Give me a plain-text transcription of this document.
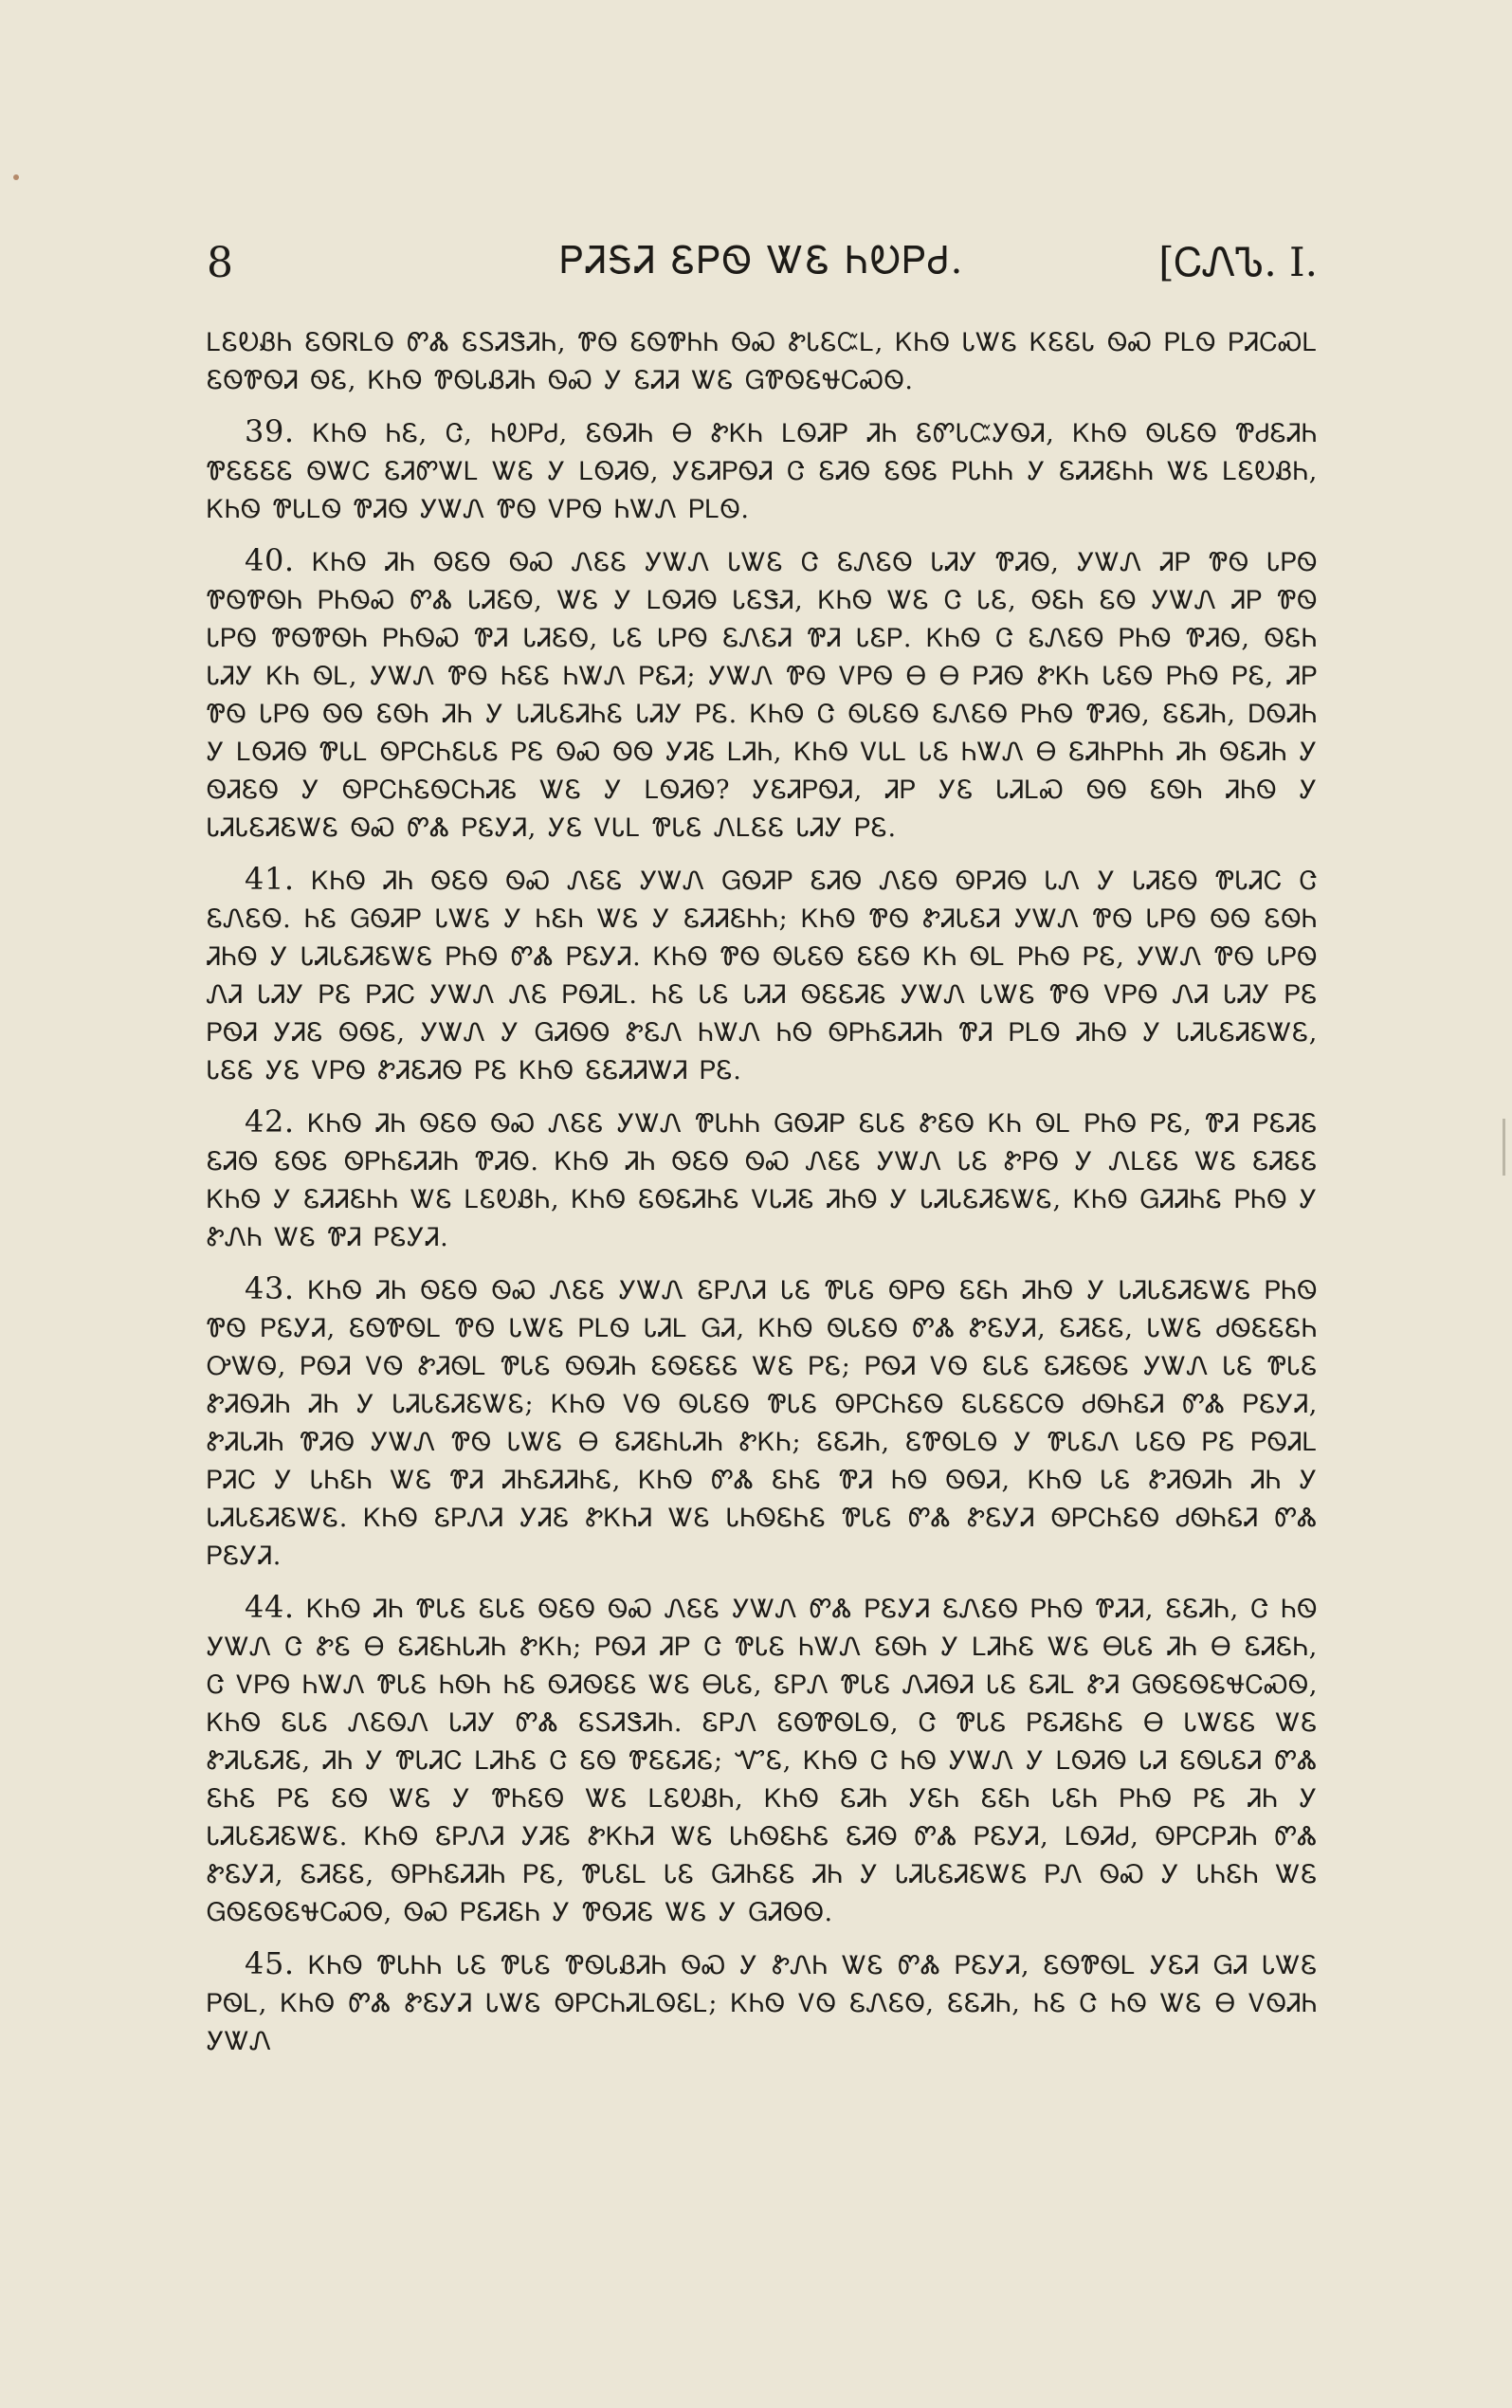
8	ᏢᏘᎦᏘ ᏋᏢᏫ ᏔᏋ ᏂᎧᏢᏧ.	[ᏟᏁᏖ. I.

ᏞᏋᎧᏰᏂ ᏋᏫᏒᏞᏫ ᏛᏜ ᏋᏚᏘᏕᏘᏂ, ᏈᏫ ᏋᏫᏈᏂᏂ ᏫᏍ ᏑᏓᏋᏨᏞ, ᏦᏂᏫ ᏓᏔᏋ ᏦᏋᏋᏓ ᏫᏍ ᏢᏞᏫ ᏢᏘᏟᏍᏞ ᏋᏫᏈᏫᏘ ᏫᏋ, ᏦᏂᏫ ᏈᏫᏓᏰᏘᏂ ᏫᏍ Ꭹ ᏋᏘᏘ ᏔᏋ ᏀᏈᏫᏋᏠᏟᏍᏫ.

39. ᏦᏂᏫ ᏂᏋ, Ꮳ, ᏂᎧᏢᏧ, ᏋᏫᏘᏂ Ꮎ ᏑᏦᏂ ᏞᏫᏘᏢ ᏘᏂ ᏋᏛᏓᏨᎩᏫᏘ, ᏦᏂᏫ ᏫᏓᏋᏫ ᏈᏧᏋᏘᏂ ᏈᏋᏋᏋᏋ ᏫᏔᏟ ᏋᏘᏛᏔᏞ ᏔᏋ Ꭹ ᏞᏫᏘᏫ, ᎩᏋᏘᏢᏫᏘ Ꮳ ᏋᏘᏫ ᏋᏫᏋ ᏢᏓᏂᏂ Ꭹ ᏋᏘᏘᏋᏂᏂ ᏔᏋ ᏞᏋᎧᏰᏂ, ᏦᏂᏫ ᏈᏓᏞᏫ ᏈᏘᏫ ᎩᏔᏁ ᏈᏫ ᏙᏢᏫ ᏂᏔᏁ ᏢᏞᏫ.

40. ᏦᏂᏫ ᏘᏂ ᏫᏋᏫ ᏫᏍ ᏁᏋᏋ ᎩᏔᏁ ᏓᏔᏋ Ꮳ ᏋᏁᏋᏫ ᏓᏘᎩ ᏈᏘᏫ, ᎩᏔᏁ ᏘᏢ ᏈᏫ ᏓᏢᏫ ᏈᏫᏈᏫᏂ ᏢᏂᏫᏍ ᏛᏜ ᏓᏘᏋᏫ, ᏔᏋ Ꭹ ᏞᏫᏘᏫ ᏓᏋᏕᏘ, ᏦᏂᏫ ᏔᏋ Ꮳ ᏓᏋ, ᏫᏋᏂ ᏋᏫ ᎩᏔᏁ ᏘᏢ ᏈᏫ ᏓᏢᏫ ᏈᏫᏈᏫᏂ ᏢᏂᏫᏍ ᏈᏘ ᏓᏘᏋᏫ, ᏓᏋ ᏓᏢᏫ ᏋᏁᏋᏘ ᏈᏘ ᏓᏋᏢ. ᏦᏂᏫ Ꮳ ᏋᏁᏋᏫ ᏢᏂᏫ ᏈᏘᏫ, ᏫᏋᏂ ᏓᏘᎩ ᏦᏂ ᏫᏞ, ᎩᏔᏁ ᏈᏫ ᏂᏋᏋ ᏂᏔᏁ ᏢᏋᏘ; ᎩᏔᏁ ᏈᏫ ᏙᏢᏫ Ꮎ Ꮎ ᏢᏘᏫ ᏑᏦᏂ ᏓᏋᏫ ᏢᏂᏫ ᏢᏋ, ᏘᏢ ᏈᏫ ᏓᏢᏫ ᏫᏫ ᏋᏫᏂ ᏘᏂ Ꭹ ᏓᏘᏓᏋᏘᏂᏋ ᏓᏘᎩ ᏢᏋ. ᏦᏂᏫ Ꮳ ᏫᏓᏋᏫ ᏋᏁᏋᏫ ᏢᏂᏫ ᏈᏘᏫ, ᏋᏋᏘᏂ, ᎠᏫᏘᏂ Ꭹ ᏞᏫᏘᏫ ᏈᏓᏞ ᏫᏢᏟᏂᏋᏓᏋ ᏢᏋ ᏫᏍ ᏫᏫ ᎩᏘᏋ ᏞᏘᏂ, ᏦᏂᏫ ᏙᏓᏞ ᏓᏋ ᏂᏔᏁ Ꮎ ᏋᏘᏂᏢᏂᏂ ᏘᏂ ᏫᏋᏘᏂ Ꭹ ᏫᏘᏋᏫ Ꭹ ᏫᏢᏟᏂᏋᏫᏟᏂᏘᏋ ᏔᏋ Ꭹ ᏞᏫᏘᏫ? ᎩᏋᏘᏢᏫᏘ, ᏘᏢ ᎩᏋ ᏓᏘᏞᏍ ᏫᏫ ᏋᏫᏂ ᏘᏂᏫ Ꭹ ᏓᏘᏓᏋᏘᏋᏔᏋ ᏫᏍ ᏛᏜ ᏢᏋᎩᏘ, ᎩᏋ ᏙᏓᏞ ᏈᏓᏋ ᏁᏞᏋᏋ ᏓᏘᎩ ᏢᏋ.

41. ᏦᏂᏫ ᏘᏂ ᏫᏋᏫ ᏫᏍ ᏁᏋᏋ ᎩᏔᏁ ᏀᏫᏘᏢ ᏋᏘᏫ ᏁᏋᏫ ᏫᏢᏘᏫ ᏓᏁ Ꭹ ᏓᏘᏋᏫ ᏈᏓᏘᏟ Ꮳ ᏋᏁᏋᏫ. ᏂᏋ ᏀᏫᏘᏢ ᏓᏔᏋ Ꭹ ᏂᏋᏂ ᏔᏋ Ꭹ ᏋᏘᏘᏋᏂᏂ; ᏦᏂᏫ ᏈᏫ ᏑᏘᏓᏋᏘ ᎩᏔᏁ ᏈᏫ ᏓᏢᏫ ᏫᏫ ᏋᏫᏂ ᏘᏂᏫ Ꭹ ᏓᏘᏓᏋᏘᏋᏔᏋ ᏢᏂᏫ ᏛᏜ ᏢᏋᎩᏘ. ᏦᏂᏫ ᏈᏫ ᏫᏓᏋᏫ ᏋᏋᏫ ᏦᏂ ᏫᏞ ᏢᏂᏫ ᏢᏋ, ᎩᏔᏁ ᏈᏫ ᏓᏢᏫ ᏁᏘ ᏓᏘᎩ ᏢᏋ ᏢᏘᏟ ᎩᏔᏁ ᏁᏋ ᏢᏫᏘᏞ. ᏂᏋ ᏓᏋ ᏓᏘᏘ ᏫᏋᏋᏘᏋ ᎩᏔᏁ ᏓᏔᏋ ᏈᏫ ᏙᏢᏫ ᏁᏘ ᏓᏘᎩ ᏢᏋ ᏢᏫᏘ ᎩᏘᏋ ᏫᏫᏋ, ᎩᏔᏁ Ꭹ ᏀᏘᏫᏫ ᏑᏋᏁ ᏂᏔᏁ ᏂᏫ ᏫᏢᏂᏋᏘᏘᏂ ᏈᏘ ᏢᏞᏫ ᏘᏂᏫ Ꭹ ᏓᏘᏓᏋᏘᏋᏔᏋ, ᏓᏋᏋ ᎩᏋ ᏙᏢᏫ ᏑᏘᏋᏘᏫ ᏢᏋ ᏦᏂᏫ ᏋᏋᏘᏘᏔᏘ ᏢᏋ.

42. ᏦᏂᏫ ᏘᏂ ᏫᏋᏫ ᏫᏍ ᏁᏋᏋ ᎩᏔᏁ ᏈᏓᏂᏂ ᏀᏫᏘᏢ ᏋᏓᏋ ᏑᏋᏫ ᏦᏂ ᏫᏞ ᏢᏂᏫ ᏢᏋ, ᏈᏘ ᏢᏋᏘᏋ ᏋᏘᏫ ᏋᏫᏋ ᏫᏢᏂᏋᏘᏘᏂ ᏈᏘᏫ. ᏦᏂᏫ ᏘᏂ ᏫᏋᏫ ᏫᏍ ᏁᏋᏋ ᎩᏔᏁ ᏓᏋ ᏑᏢᏫ Ꭹ ᏁᏞᏋᏋ ᏔᏋ ᏋᏘᏋᏋ ᏦᏂᏫ Ꭹ ᏋᏘᏘᏋᏂᏂ ᏔᏋ ᏞᏋᎧᏰᏂ, ᏦᏂᏫ ᏋᏫᏋᏘᏂᏋ ᏙᏓᏘᏋ ᏘᏂᏫ Ꭹ ᏓᏘᏓᏋᏘᏋᏔᏋ, ᏦᏂᏫ ᏀᏘᏘᏂᏋ ᏢᏂᏫ Ꭹ ᏑᏁᏂ ᏔᏋ ᏈᏘ ᏢᏋᎩᏘ.

43. ᏦᏂᏫ ᏘᏂ ᏫᏋᏫ ᏫᏍ ᏁᏋᏋ ᎩᏔᏁ ᏋᏢᏁᏘ ᏓᏋ ᏈᏓᏋ ᏫᏢᏫ ᏋᏋᏂ ᏘᏂᏫ Ꭹ ᏓᏘᏓᏋᏘᏋᏔᏋ ᏢᏂᏫ ᏈᏫ ᏢᏋᎩᏘ, ᏋᏫᏈᏫᏞ ᏈᏫ ᏓᏔᏋ ᏢᏞᏫ ᏓᏘᏞ ᏀᏘ, ᏦᏂᏫ ᏫᏓᏋᏫ ᏛᏜ ᏑᏋᎩᏘ, ᏋᏘᏋᏋ, ᏓᏔᏋ ᏧᏫᏋᏋᏋᏂ ᎤᏔᏫ, ᏢᏫᏘ ᏙᏫ ᏑᏘᏫᏞ ᏈᏓᏋ ᏫᏫᏘᏂ ᏋᏫᏋᏋᏋ ᏔᏋ ᏢᏋ; ᏢᏫᏘ ᏙᏫ ᏋᏓᏋ ᏋᏘᏋᏫᏋ ᎩᏔᏁ ᏓᏋ ᏈᏓᏋ ᏑᏘᏫᏘᏂ ᏘᏂ Ꭹ ᏓᏘᏓᏋᏘᏋᏔᏋ; ᏦᏂᏫ ᏙᏫ ᏫᏓᏋᏫ ᏈᏓᏋ ᏫᏢᏟᏂᏋᏫ ᏋᏓᏋᏋᏟᏫ ᏧᏫᏂᏋᏘ ᏛᏜ ᏢᏋᎩᏘ, ᏑᏘᏓᏘᏂ ᏈᏘᏫ ᎩᏔᏁ ᏈᏫ ᏓᏔᏋ Ꮎ ᏋᏘᏋᏂᏓᏘᏂ ᏑᏦᏂ; ᏋᏋᏘᏂ, ᏋᏈᏫᏞᏫ Ꭹ ᏈᏓᏋᏁ ᏓᏋᏫ ᏢᏋ ᏢᏫᏘᏞ ᏢᏘᏟ Ꭹ ᏓᏂᏋᏂ ᏔᏋ ᏈᏘ ᏘᏂᏋᏘᏘᏂᏋ, ᏦᏂᏫ ᏛᏜ ᏋᏂᏋ ᏈᏘ ᏂᏫ ᏫᏫᏘ, ᏦᏂᏫ ᏓᏋ ᏑᏘᏫᏘᏂ ᏘᏂ Ꭹ ᏓᏘᏓᏋᏘᏋᏔᏋ. ᏦᏂᏫ ᏋᏢᏁᏘ ᎩᏘᏋ ᏑᏦᏂᏘ ᏔᏋ ᏓᏂᏫᏋᏂᏋ ᏈᏓᏋ ᏛᏜ ᏑᏋᎩᏘ ᏫᏢᏟᏂᏋᏫ ᏧᏫᏂᏋᏘ ᏛᏜ ᏢᏋᎩᏘ.

44. ᏦᏂᏫ ᏘᏂ ᏈᏓᏋ ᏋᏓᏋ ᏫᏋᏫ ᏫᏍ ᏁᏋᏋ ᎩᏔᏁ ᏛᏜ ᏢᏋᎩᏘ ᏋᏁᏋᏫ ᏢᏂᏫ ᏈᏘᏘ, ᏋᏋᏘᏂ, Ꮳ ᏂᏫ ᎩᏔᏁ Ꮳ ᏑᏋ Ꮎ ᏋᏘᏋᏂᏓᏘᏂ ᏑᏦᏂ; ᏢᏫᏘ ᏘᏢ Ꮳ ᏈᏓᏋ ᏂᏔᏁ ᏋᏫᏂ Ꭹ ᏞᏘᏂᏋ ᏔᏋ ᎾᏓᏋ ᏘᏂ Ꮎ ᏋᏘᏋᏂ, Ꮳ ᏙᏢᏫ ᏂᏔᏁ ᏈᏓᏋ ᏂᏫᏂ ᏂᏋ ᏫᏘᏫᏋᏋ ᏔᏋ ᎾᏓᏋ, ᏋᏢᏁ ᏈᏓᏋ ᏁᏘᏫᏘ ᏓᏋ ᏋᏘᏞ ᏑᏘ ᏀᏫᏋᏫᏋᏠᏟᏍᏫ, ᏦᏂᏫ ᏋᏓᏋ ᏁᏋᏫᏁ ᏓᏘᎩ ᏛᏜ ᏋᏚᏘᏕᏘᏂ. ᏋᏢᏁ ᏋᏫᏈᏫᏞᏫ, Ꮳ ᏈᏓᏋ ᏢᏋᏘᏋᏂᏋ Ꮎ ᏓᏔᏋᏋ ᏔᏋ ᏑᏘᏓᏋᏘᏋ, ᏘᏂ Ꭹ ᏈᏓᏘᏟ ᏞᏘᏂᏋ Ꮳ ᏋᏫ ᏈᏋᏋᏘᏋ; ᏉᏋ, ᏦᏂᏫ Ꮳ ᏂᏫ ᎩᏔᏁ Ꭹ ᏞᏫᏘᏫ ᏓᏘ ᏋᏫᏓᏋᏘ ᏛᏜ ᏋᏂᏋ ᏢᏋ ᏋᏫ ᏔᏋ Ꭹ ᏈᏂᏋᏫ ᏔᏋ ᏞᏋᎧᏰᏂ, ᏦᏂᏫ ᏋᏘᏂ ᎩᏋᏂ ᏋᏋᏂ ᏓᏋᏂ ᏢᏂᏫ ᏢᏋ ᏘᏂ Ꭹ ᏓᏘᏓᏋᏘᏋᏔᏋ. ᏦᏂᏫ ᏋᏢᏁᏘ ᎩᏘᏋ ᏑᏦᏂᏘ ᏔᏋ ᏓᏂᏫᏋᏂᏋ ᏋᏘᏫ ᏛᏜ ᏢᏋᎩᏘ, ᏞᏫᏘᏧ, ᏫᏢᏟᏢᏘᏂ ᏛᏜ ᏑᏋᎩᏘ, ᏋᏘᏋᏋ, ᏫᏢᏂᏋᏘᏘᏂ ᏢᏋ, ᏈᏓᏋᏞ ᏓᏋ ᏀᏘᏂᏋᏋ ᏘᏂ Ꭹ ᏓᏘᏓᏋᏘᏋᏔᏋ ᏢᏁ ᏫᏍ Ꭹ ᏓᏂᏋᏂ ᏔᏋ ᏀᏫᏋᏫᏋᏠᏟᏍᏫ, ᏫᏍ ᏢᏋᏘᏋᏂ Ꭹ ᏈᏫᏘᏋ ᏔᏋ Ꭹ ᏀᏘᏫᏫ.

45. ᏦᏂᏫ ᏈᏓᏂᏂ ᏓᏋ ᏈᏓᏋ ᏈᏫᏓᏰᏘᏂ ᏫᏍ Ꭹ ᏑᏁᏂ ᏔᏋ ᏛᏜ ᏢᏋᎩᏘ, ᏋᏫᏈᏫᏞ ᎩᏋᏘ ᏀᏘ ᏓᏔᏋ ᏢᏫᏞ, ᏦᏂᏫ ᏛᏜ ᏑᏋᎩᏘ ᏓᏔᏋ ᏫᏢᏟᏂᏘᏞᏫᏋᏞ; ᏦᏂᏫ ᏙᏫ ᏋᏁᏋᏫ, ᏋᏋᏘᏂ, ᏂᏋ Ꮳ ᏂᏫ ᏔᏋ Ꮎ ᏙᏫᏘᏂ ᎩᏔᏁ
